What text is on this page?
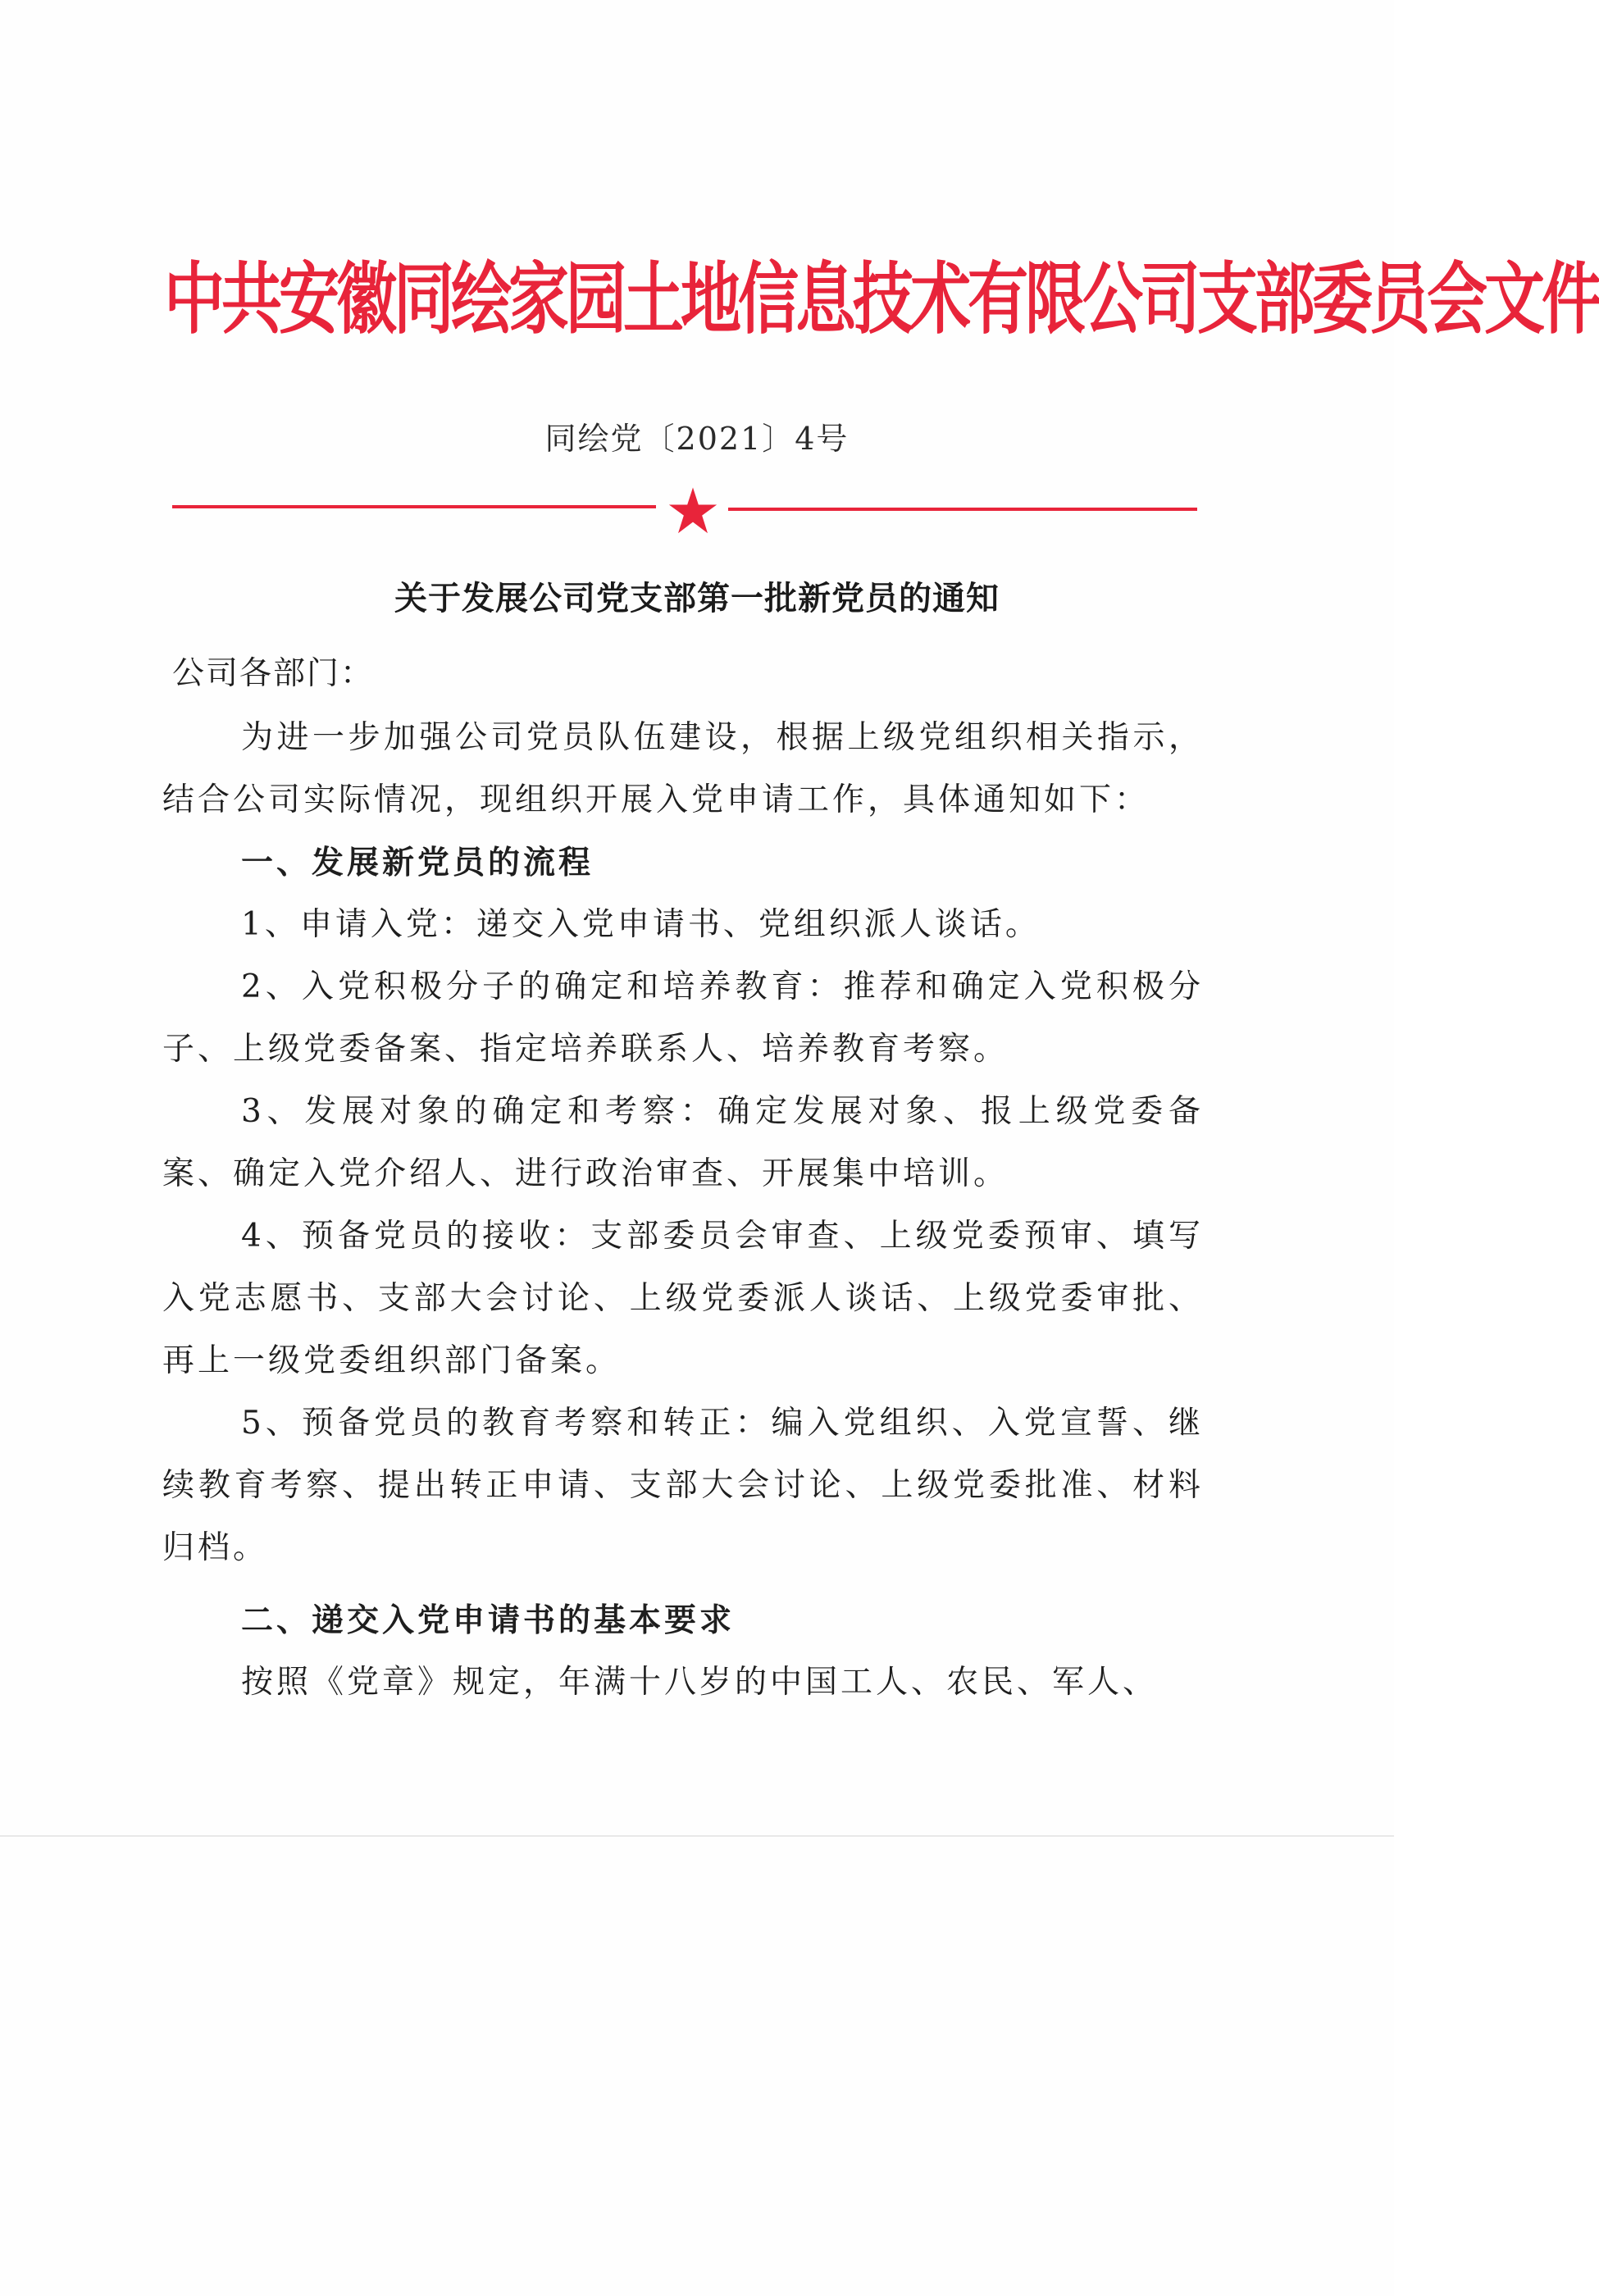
中共安徽同绘家园土地信息技术有限公司支部委员会文件
同绘党〔2021〕4号
关于发展公司党支部第一批新党员的通知
公司各部门：

为进一步加强公司党员队伍建设，根据上级党组织相关指示，结合公司实际情况，现组织开展入党申请工作，具体通知如下：

一、发展新党员的流程

1、申请入党：递交入党申请书、党组织派人谈话。

2、入党积极分子的确定和培养教育：推荐和确定入党积极分子、上级党委备案、指定培养联系人、培养教育考察。

3、发展对象的确定和考察：确定发展对象、报上级党委备案、确定入党介绍人、进行政治审查、开展集中培训。

4、预备党员的接收：支部委员会审查、上级党委预审、填写入党志愿书、支部大会讨论、上级党委派人谈话、上级党委审批、再上一级党委组织部门备案。

5、预备党员的教育考察和转正：编入党组织、入党宣誓、继续教育考察、提出转正申请、支部大会讨论、上级党委批准、材料归档。

二、递交入党申请书的基本要求

按照《党章》规定，年满十八岁的中国工人、农民、军人、
